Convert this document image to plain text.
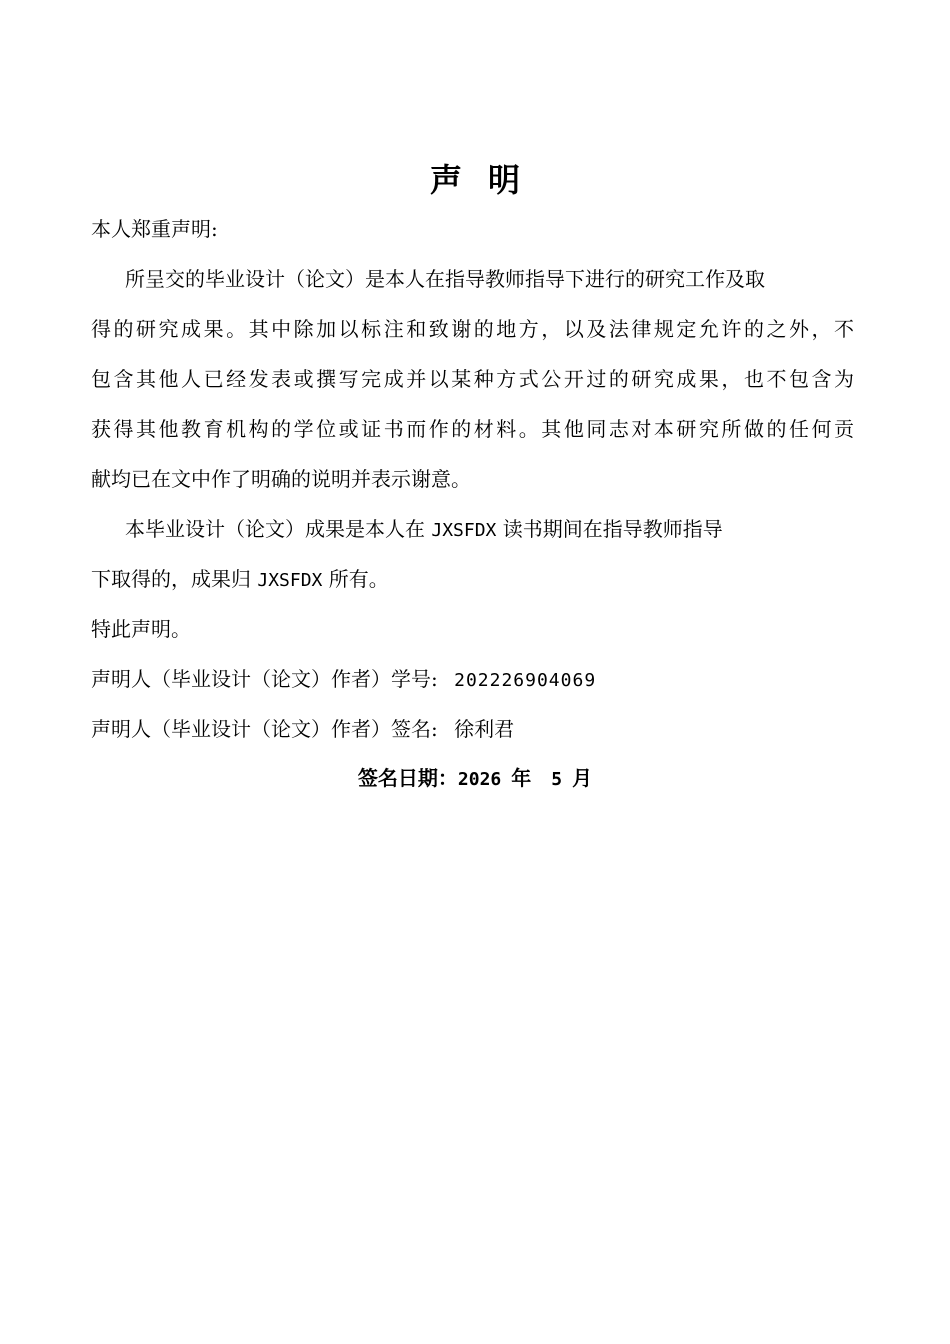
声明
本人郑重声明:
所呈交的毕业设计（论文）是本人在指导教师指导下进行的研究工作及取
得的研究成果。其中除加以标注和致谢的地方，以及法律规定允许的之外，不
包含其他人已经发表或撰写完成并以某种方式公开过的研究成果，也不包含为
获得其他教育机构的学位或证书而作的材料。其他同志对本研究所做的任何贡
献均已在文中作了明确的说明并表示谢意。
本毕业设计（论文）成果是本人在 JXSFDX 读书期间在指导教师指导
下取得的，成果归 JXSFDX 所有。
特此声明。
声明人（毕业设计（论文）作者）学号: 202226904069
声明人（毕业设计（论文）作者）签名: 徐利君
签名日期：2026 年 5 月
